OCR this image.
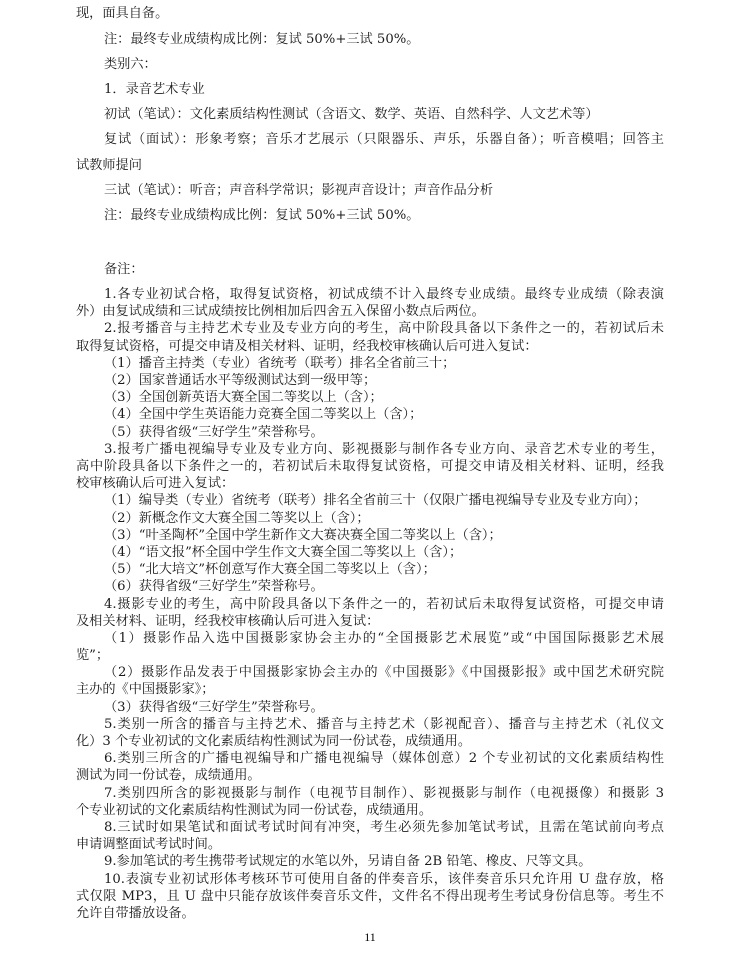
现，面具自备。
注：最终专业成绩构成比例：复试 50%+三试 50%。
类别六：
1．录音艺术专业
初试（笔试）：文化素质结构性测试（含语文、数学、英语、自然科学、人文艺术等）
复试（面试）：形象考察；音乐才艺展示（只限器乐、声乐，乐器自备）；听音模唱；回答主
试教师提问
三试（笔试）：听音；声音科学常识；影视声音设计；声音作品分析
注：最终专业成绩构成比例：复试 50%+三试 50%。
备注：
1.各专业初试合格，取得复试资格，初试成绩不计入最终专业成绩。最终专业成绩（除表演
外）由复试成绩和三试成绩按比例相加后四舍五入保留小数点后两位。
2.报考播音与主持艺术专业及专业方向的考生，高中阶段具备以下条件之一的，若初试后未
取得复试资格，可提交申请及相关材料、证明，经我校审核确认后可进入复试：
（1）播音主持类（专业）省统考（联考）排名全省前三十；
（2）国家普通话水平等级测试达到一级甲等；
（3）全国创新英语大赛全国二等奖以上（含）；
（4）全国中学生英语能力竞赛全国二等奖以上（含）；
（5）获得省级“三好学生”荣誉称号。
3.报考广播电视编导专业及专业方向、影视摄影与制作各专业方向、录音艺术专业的考生，
高中阶段具备以下条件之一的，若初试后未取得复试资格，可提交申请及相关材料、证明，经我
校审核确认后可进入复试：
（1）编导类（专业）省统考（联考）排名全省前三十（仅限广播电视编导专业及专业方向）；
（2）新概念作文大赛全国二等奖以上（含）；
（3）“叶圣陶杯”全国中学生新作文大赛决赛全国二等奖以上（含）；
（4）“语文报”杯全国中学生作文大赛全国二等奖以上（含）；
（5）“北大培文”杯创意写作大赛全国二等奖以上（含）；
（6）获得省级“三好学生”荣誉称号。
4.摄影专业的考生，高中阶段具备以下条件之一的，若初试后未取得复试资格，可提交申请
及相关材料、证明，经我校审核确认后可进入复试：
（1）摄影作品入选中国摄影家协会主办的“全国摄影艺术展览”或“中国国际摄影艺术展
览”；
（2）摄影作品发表于中国摄影家协会主办的《中国摄影》《中国摄影报》或中国艺术研究院
主办的《中国摄影家》；
（3）获得省级“三好学生”荣誉称号。
5.类别一所含的播音与主持艺术、播音与主持艺术（影视配音）、播音与主持艺术（礼仪文
化）3 个专业初试的文化素质结构性测试为同一份试卷，成绩通用。
6.类别三所含的广播电视编导和广播电视编导（媒体创意）2 个专业初试的文化素质结构性
测试为同一份试卷，成绩通用。
7.类别四所含的影视摄影与制作（电视节目制作）、影视摄影与制作（电视摄像）和摄影 3
个专业初试的文化素质结构性测试为同一份试卷，成绩通用。
8.三试时如果笔试和面试考试时间有冲突，考生必须先参加笔试考试，且需在笔试前向考点
申请调整面试考试时间。
9.参加笔试的考生携带考试规定的水笔以外，另请自备 2B 铅笔、橡皮、尺等文具。
10.表演专业初试形体考核环节可使用自备的伴奏音乐，该伴奏音乐只允许用 U 盘存放，格
式仅限 MP3，且 U 盘中只能存放该伴奏音乐文件，文件名不得出现考生考试身份信息等。考生不
允许自带播放设备。
11
